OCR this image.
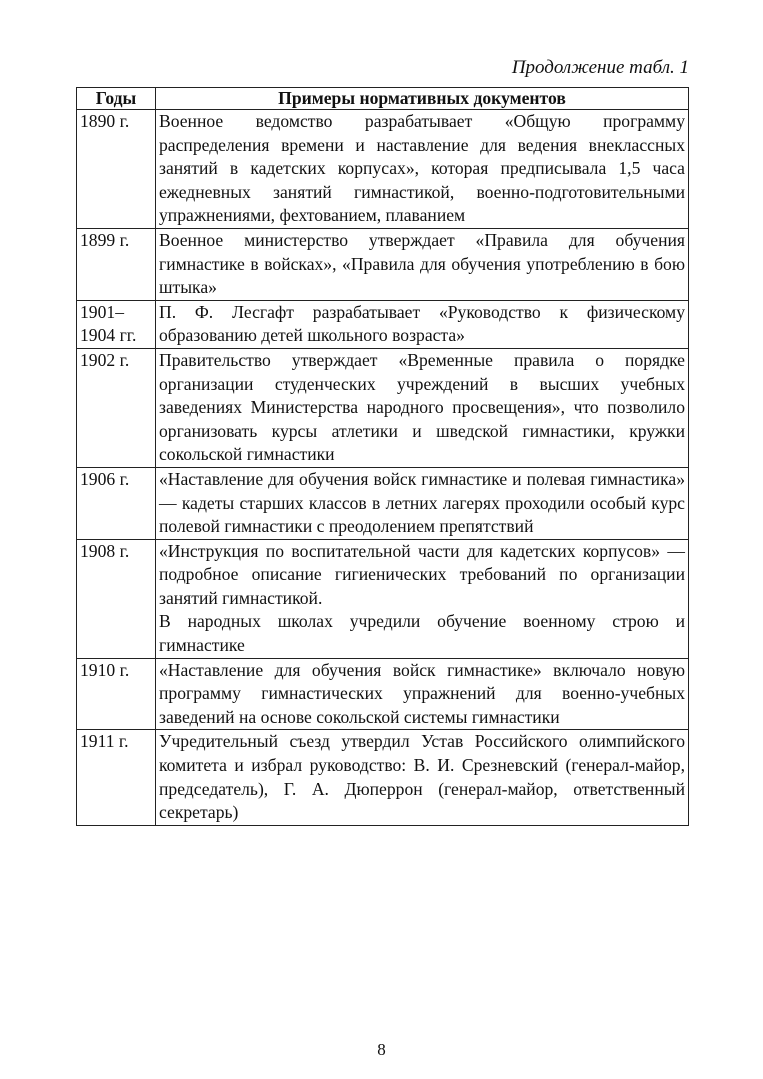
Продолжение табл. 1
Годы	Примеры нормативных документов
1890 г.	Военное ведомство разрабатывает «Общую программу распределения времени и наставление для ведения внеклассных занятий в кадетских корпусах», которая предписывала 1,5 часа ежедневных занятий гимнастикой, военно-подготовительными упражнениями, фехтованием, плаванием

1899 г.	Военное министерство утверждает «Правила для обучения гимнастике в войсках», «Правила для обучения употреблению в бою штыка»

1901– 1904 гг.	П. Ф. Лесгафт разрабатывает «Руководство к физическому образованию детей школьного возраста»

1902 г.	Правительство утверждает «Временные правила о порядке организации студенческих учреждений в высших учебных заведениях Министерства народного просвещения», что позволило организовать курсы атлетики и шведской гимнастики, кружки сокольской гимнастики

1906 г.	«Наставление для обучения войск гимнастике и полевая гимнастика» — кадеты старших классов в летних лагерях проходили особый курс полевой гимнастики с преодолением препятствий

1908 г.	«Инструкция по воспитательной части для кадетских корпусов» — подробное описание гигиенических требований по организации занятий гимнастикой.

В народных школах учредили обучение военному строю и гимнастике

1910 г.	«Наставление для обучения войск гимнастике» включало новую программу гимнастических упражнений для военно-учебных заведений на основе сокольской системы гимнастики

1911 г.	Учредительный съезд утвердил Устав Российского олимпийского комитета и избрал руководство: В. И. Срезневский (генерал-майор, председатель), Г. А. Дюперрон (генерал-майор, ответственный секретарь)

8
